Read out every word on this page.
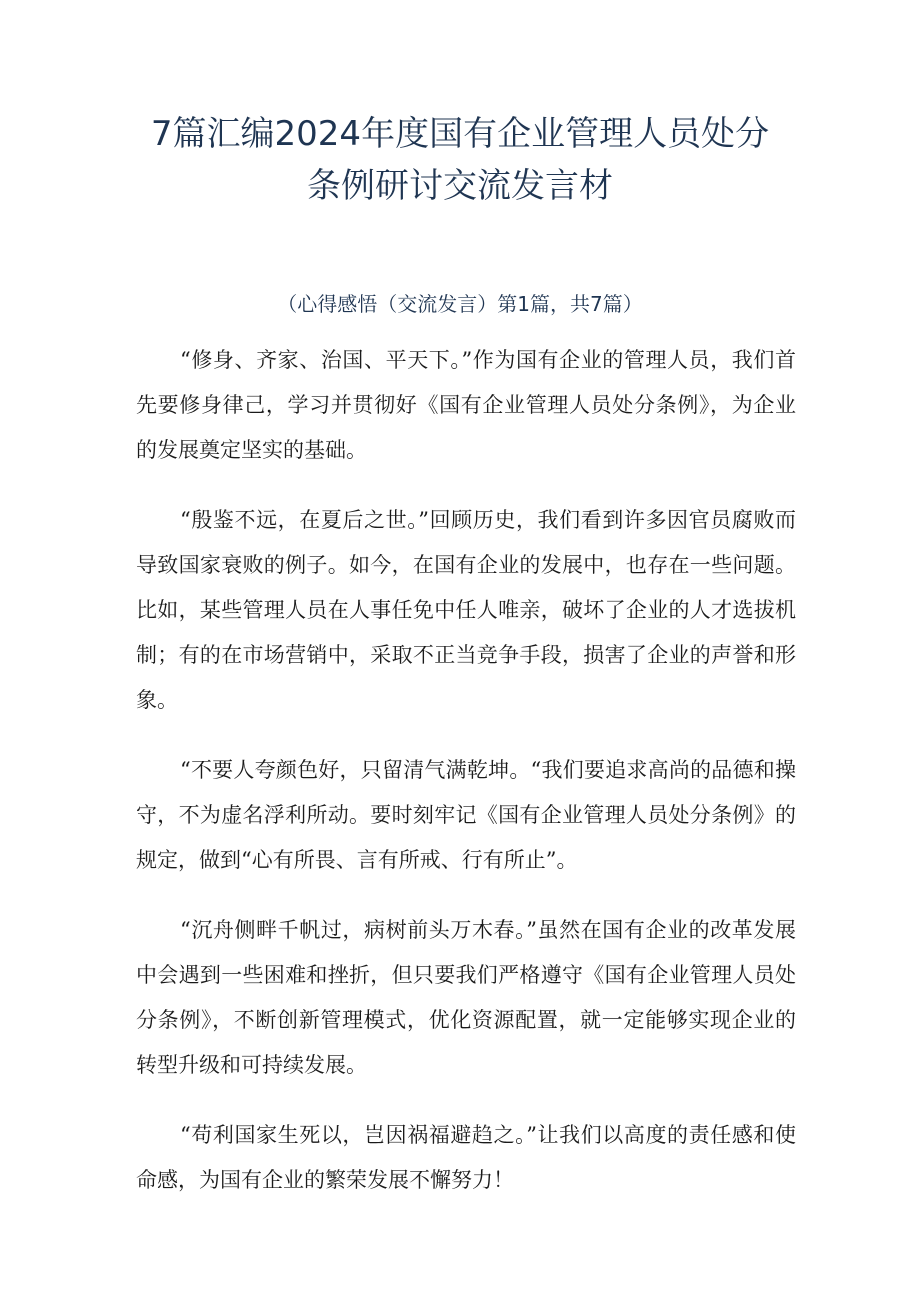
7篇汇编2024年度国有企业管理人员处分
条例研讨交流发言材
（心得感悟（交流发言）第1篇，共7篇）

“修身、齐家、治国、平天下。”作为国有企业的管理人员，我们首先要修身律己，学习并贯彻好《国有企业管理人员处分条例》，为企业的发展奠定坚实的基础。

“殷鉴不远，在夏后之世。”回顾历史，我们看到许多因官员腐败而导致国家衰败的例子。如今，在国有企业的发展中，也存在一些问题。比如，某些管理人员在人事任免中任人唯亲，破坏了企业的人才选拔机制；有的在市场营销中，采取不正当竞争手段，损害了企业的声誉和形象。

“不要人夸颜色好，只留清气满乾坤。“我们要追求高尚的品德和操守，不为虚名浮利所动。要时刻牢记《国有企业管理人员处分条例》的规定，做到“心有所畏、言有所戒、行有所止”。

“沉舟侧畔千帆过，病树前头万木春。”虽然在国有企业的改革发展中会遇到一些困难和挫折，但只要我们严格遵守《国有企业管理人员处分条例》，不断创新管理模式，优化资源配置，就一定能够实现企业的转型升级和可持续发展。

“苟利国家生死以，岂因祸福避趋之。”让我们以高度的责任感和使命感，为国有企业的繁荣发展不懈努力！
